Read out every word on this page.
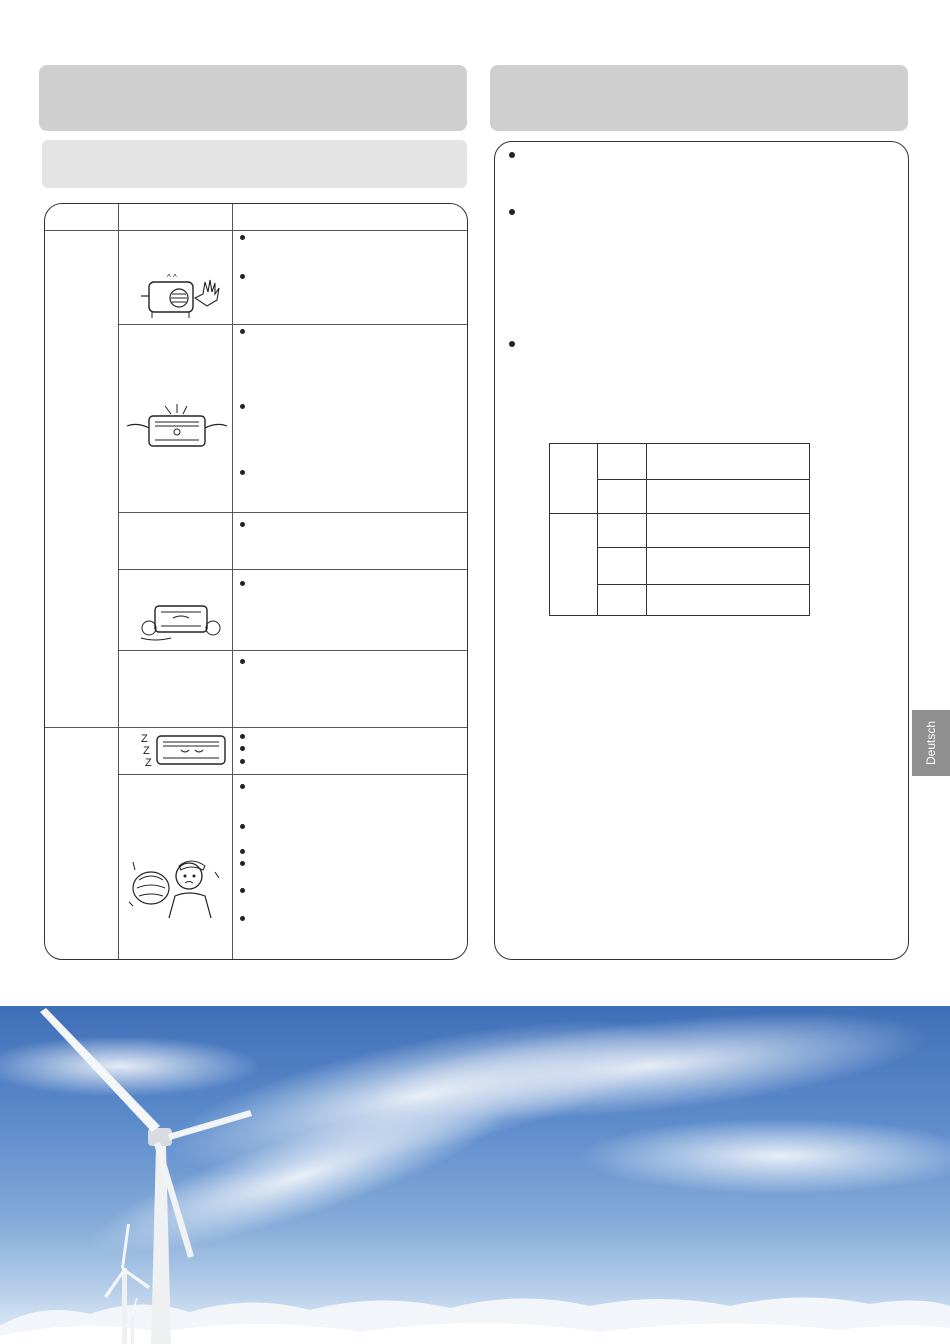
^ ^
Z
Z
Z	Deutsch
